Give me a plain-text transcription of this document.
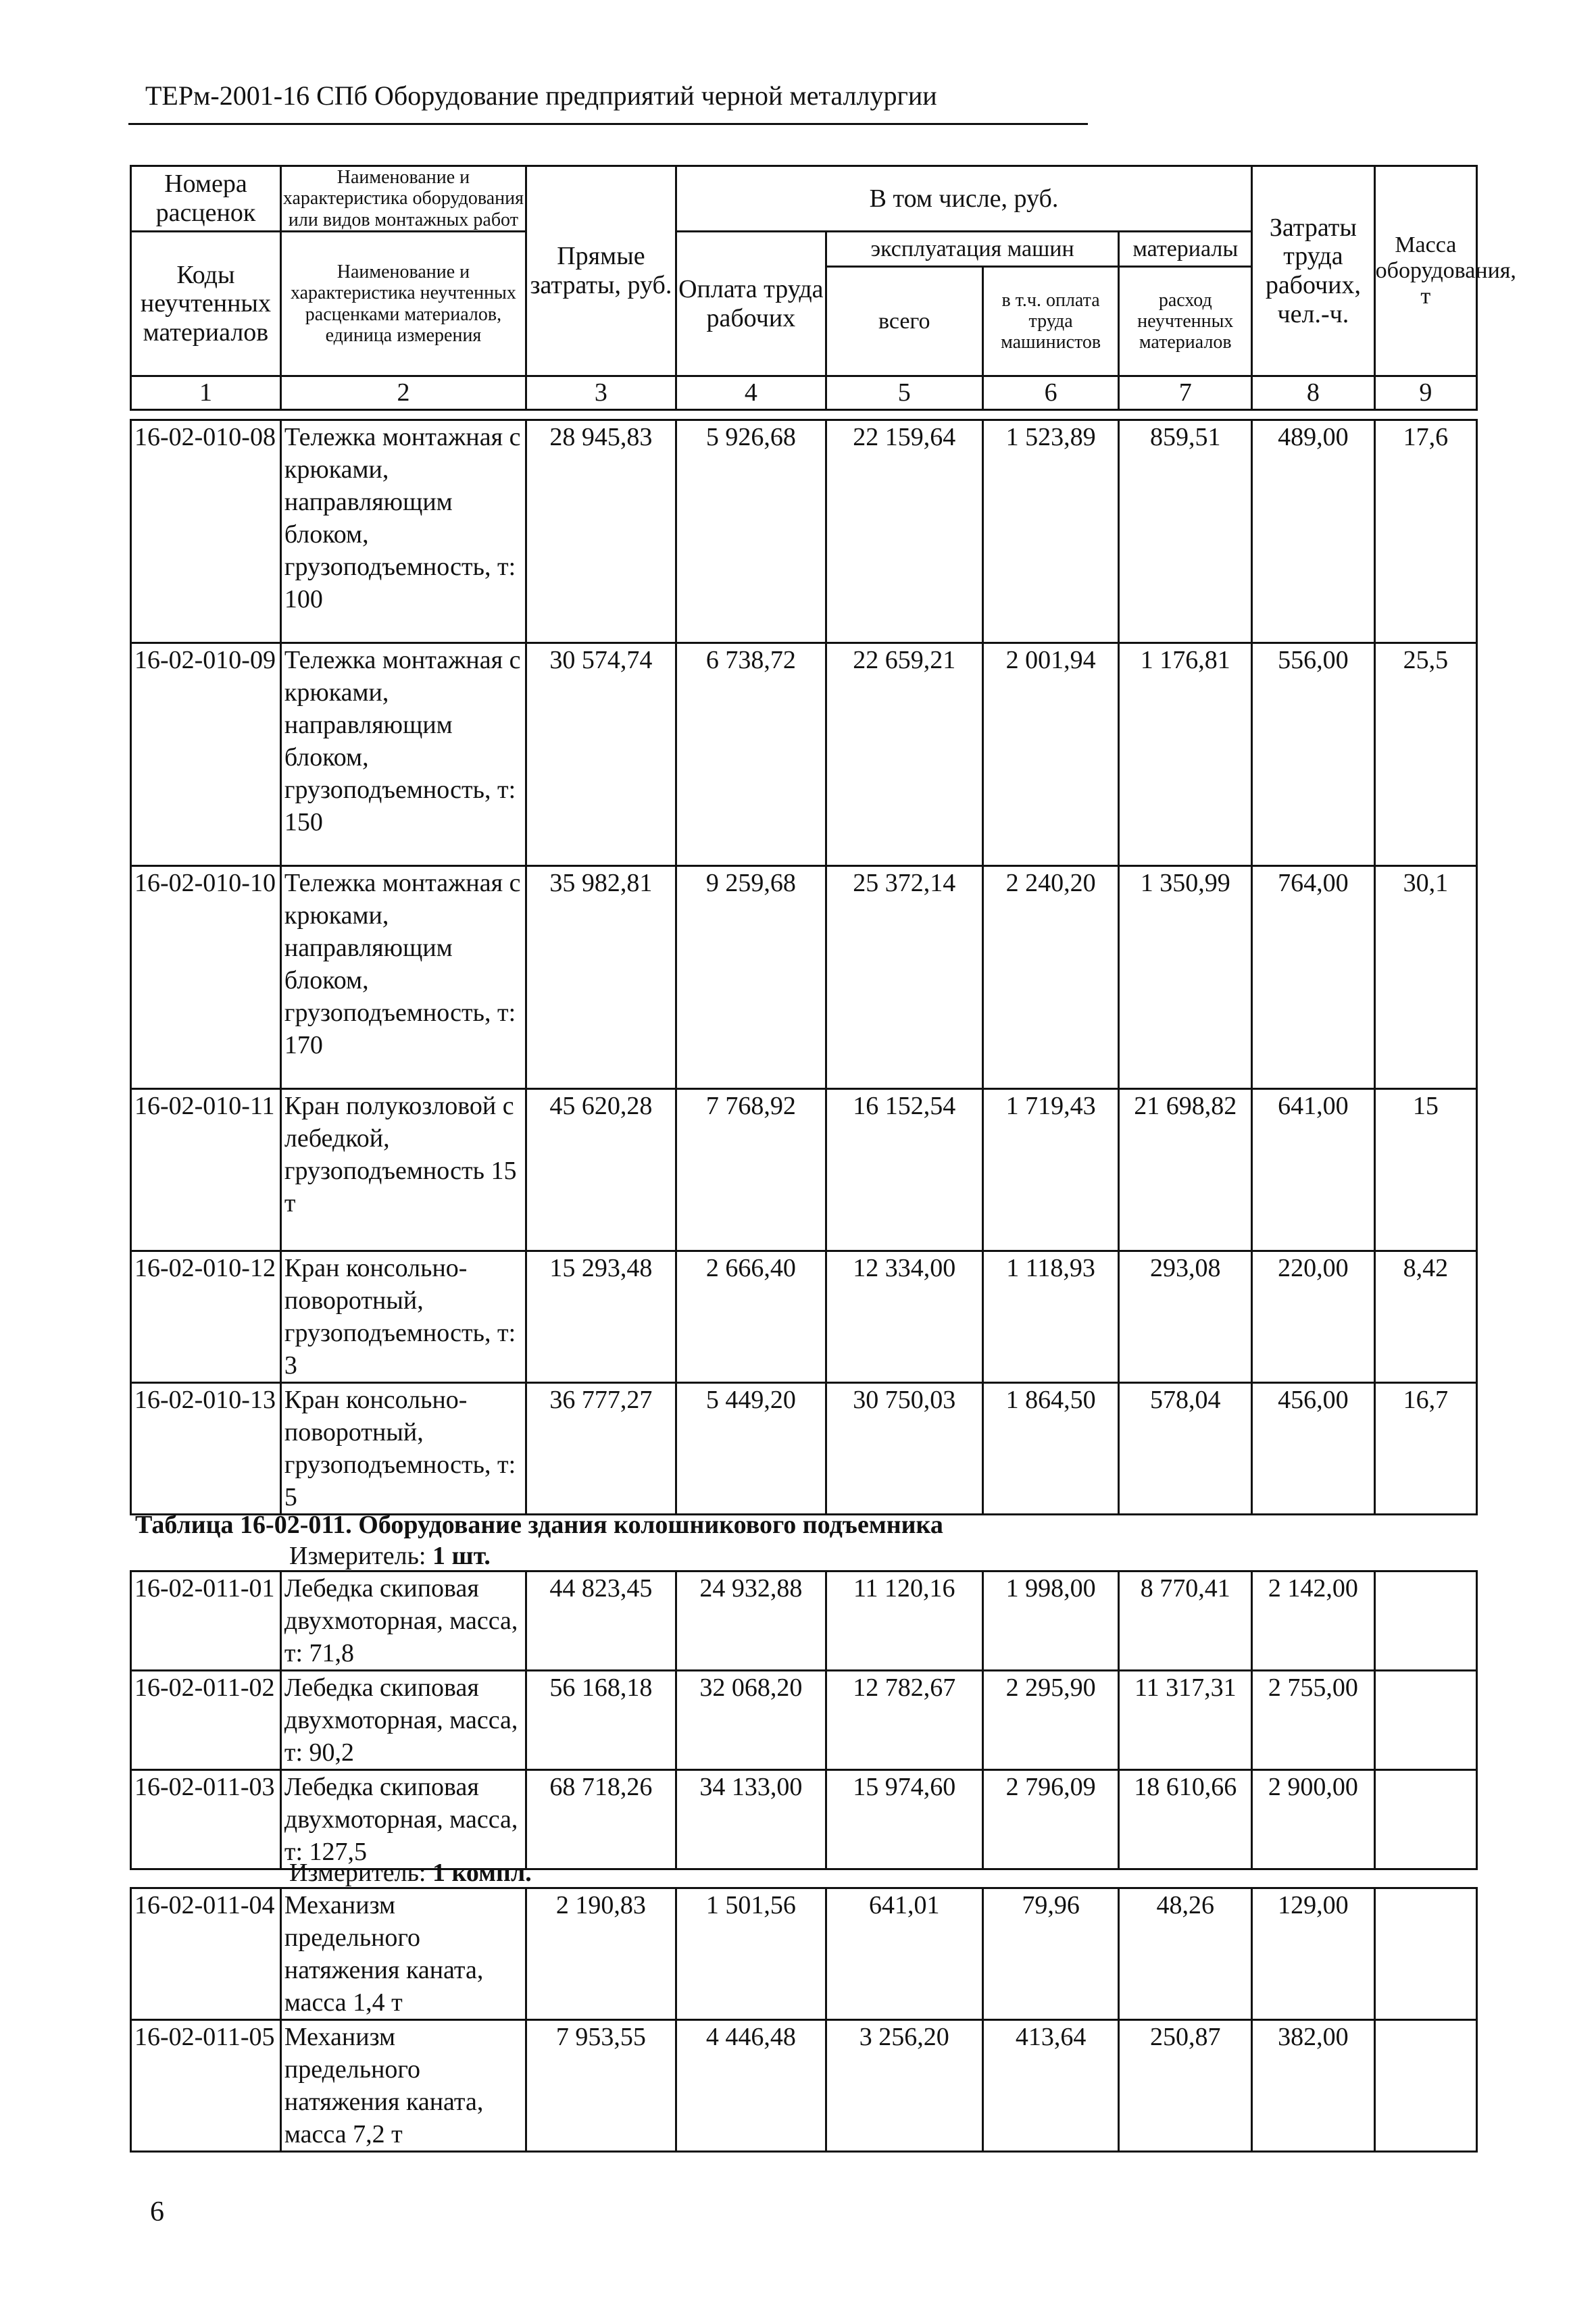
ТЕРм-2001-16 СПб Оборудование предприятий черной металлургии
Номера расценок	Наименование и характеристика оборудования или видов монтажных работ	Прямые затраты, руб.	В том числе, руб.				Затраты труда рабочих, чел.-ч.	Масса оборудования, т
Коды неучтенных материалов	Наименование и характеристика неучтенных расценками материалов, единица измерения		Оплата труда рабочих	эксплуатация машин		материалы		
				всего	в т.ч. оплата труда машинистов	расход неучтенных материалов		
1	2	3	4	5	6	7	8	9
16-02-010-08	Тележка монтажная с крюками, направляющим блоком, грузоподъемность, т: 100	28 945,83	5 926,68	22 159,64	1 523,89	859,51	489,00	17,6
16-02-010-09	Тележка монтажная с крюками, направляющим блоком, грузоподъемность, т: 150	30 574,74	6 738,72	22 659,21	2 001,94	1 176,81	556,00	25,5
16-02-010-10	Тележка монтажная с крюками, направляющим блоком, грузоподъемность, т: 170	35 982,81	9 259,68	25 372,14	2 240,20	1 350,99	764,00	30,1
16-02-010-11	Кран полукозловой с лебедкой, грузоподъемность 15 т	45 620,28	7 768,92	16 152,54	1 719,43	21 698,82	641,00	15
16-02-010-12	Кран консольно-поворотный, грузоподъемность, т: 3	15 293,48	2 666,40	12 334,00	1 118,93	293,08	220,00	8,42
16-02-010-13	Кран консольно-поворотный, грузоподъемность, т: 5	36 777,27	5 449,20	30 750,03	1 864,50	578,04	456,00	16,7
Таблица 16-02-011. Оборудование здания колошникового подъемника
Измеритель: 1 шт.
16-02-011-01	Лебедка скиповая двухмоторная, масса, т: 71,8	44 823,45	24 932,88	11 120,16	1 998,00	8 770,41	2 142,00	
16-02-011-02	Лебедка скиповая двухмоторная, масса, т: 90,2	56 168,18	32 068,20	12 782,67	2 295,90	11 317,31	2 755,00	
16-02-011-03	Лебедка скиповая двухмоторная, масса, т: 127,5	68 718,26	34 133,00	15 974,60	2 796,09	18 610,66	2 900,00	
Измеритель: 1 компл.
16-02-011-04	Механизм предельного натяжения каната, масса 1,4 т	2 190,83	1 501,56	641,01	79,96	48,26	129,00	
16-02-011-05	Механизм предельного натяжения каната, масса 7,2 т	7 953,55	4 446,48	3 256,20	413,64	250,87	382,00	
6
